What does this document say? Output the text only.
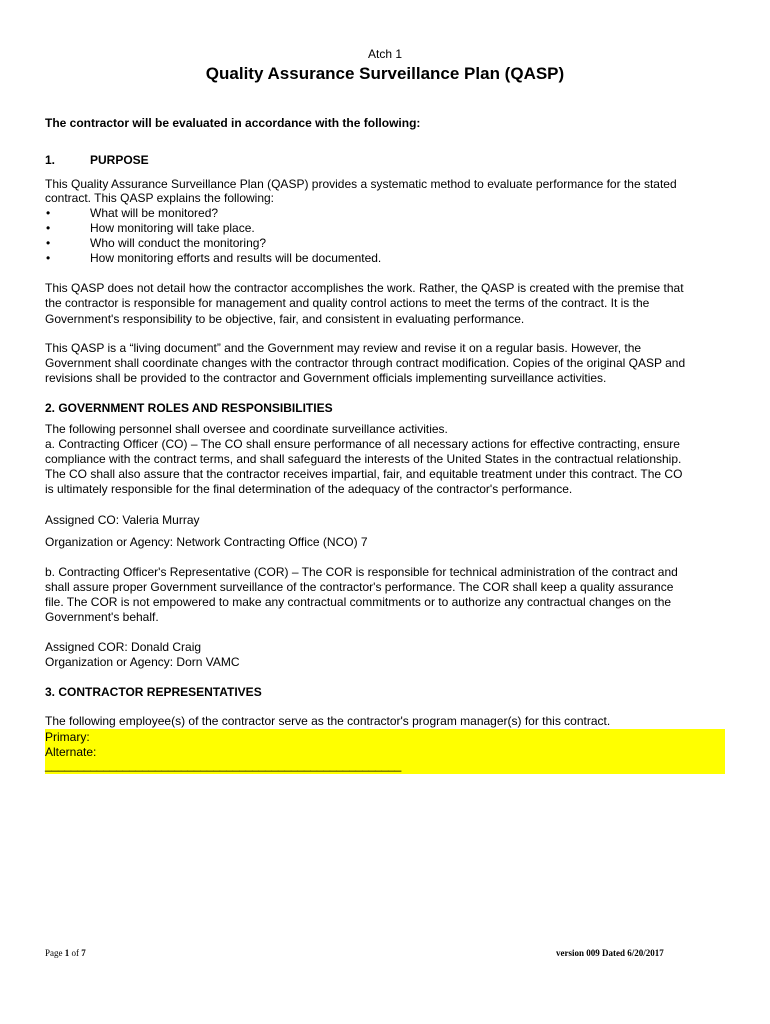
Atch 1
Quality Assurance Surveillance Plan (QASP)
The contractor will be evaluated in accordance with the following:
1.	PURPOSE
This Quality Assurance Surveillance Plan (QASP) provides a systematic method to evaluate performance for the stated
contract. This QASP explains the following:
•	What will be monitored?
•	How monitoring will take place.
•	Who will conduct the monitoring?
•	How monitoring efforts and results will be documented.
This QASP does not detail how the contractor accomplishes the work. Rather, the QASP is created with the premise that
the contractor is responsible for management and quality control actions to meet the terms of the contract. It is the
Government's responsibility to be objective, fair, and consistent in evaluating performance.
This QASP is a “living document” and the Government may review and revise it on a regular basis. However, the
Government shall coordinate changes with the contractor through contract modification. Copies of the original QASP and
revisions shall be provided to the contractor and Government officials implementing surveillance activities.
2. GOVERNMENT ROLES AND RESPONSIBILITIES
The following personnel shall oversee and coordinate surveillance activities.
a. Contracting Officer (CO) – The CO shall ensure performance of all necessary actions for effective contracting, ensure
compliance with the contract terms, and shall safeguard the interests of the United States in the contractual relationship.
The CO shall also assure that the contractor receives impartial, fair, and equitable treatment under this contract. The CO
is ultimately responsible for the final determination of the adequacy of the contractor's performance.
Assigned CO: Valeria Murray
Organization or Agency: Network Contracting Office (NCO) 7
b. Contracting Officer's Representative (COR) – The COR is responsible for technical administration of the contract and
shall assure proper Government surveillance of the contractor's performance. The COR shall keep a quality assurance
file. The COR is not empowered to make any contractual commitments or to authorize any contractual changes on the
Government's behalf.
Assigned COR: Donald Craig
Organization or Agency: Dorn VAMC
3. CONTRACTOR REPRESENTATIVES
The following employee(s) of the contractor serve as the contractor's program manager(s) for this contract.
Primary:
Alternate:
_______________________________________________________
Page 1 of 7	version 009 Dated 6/20/2017
